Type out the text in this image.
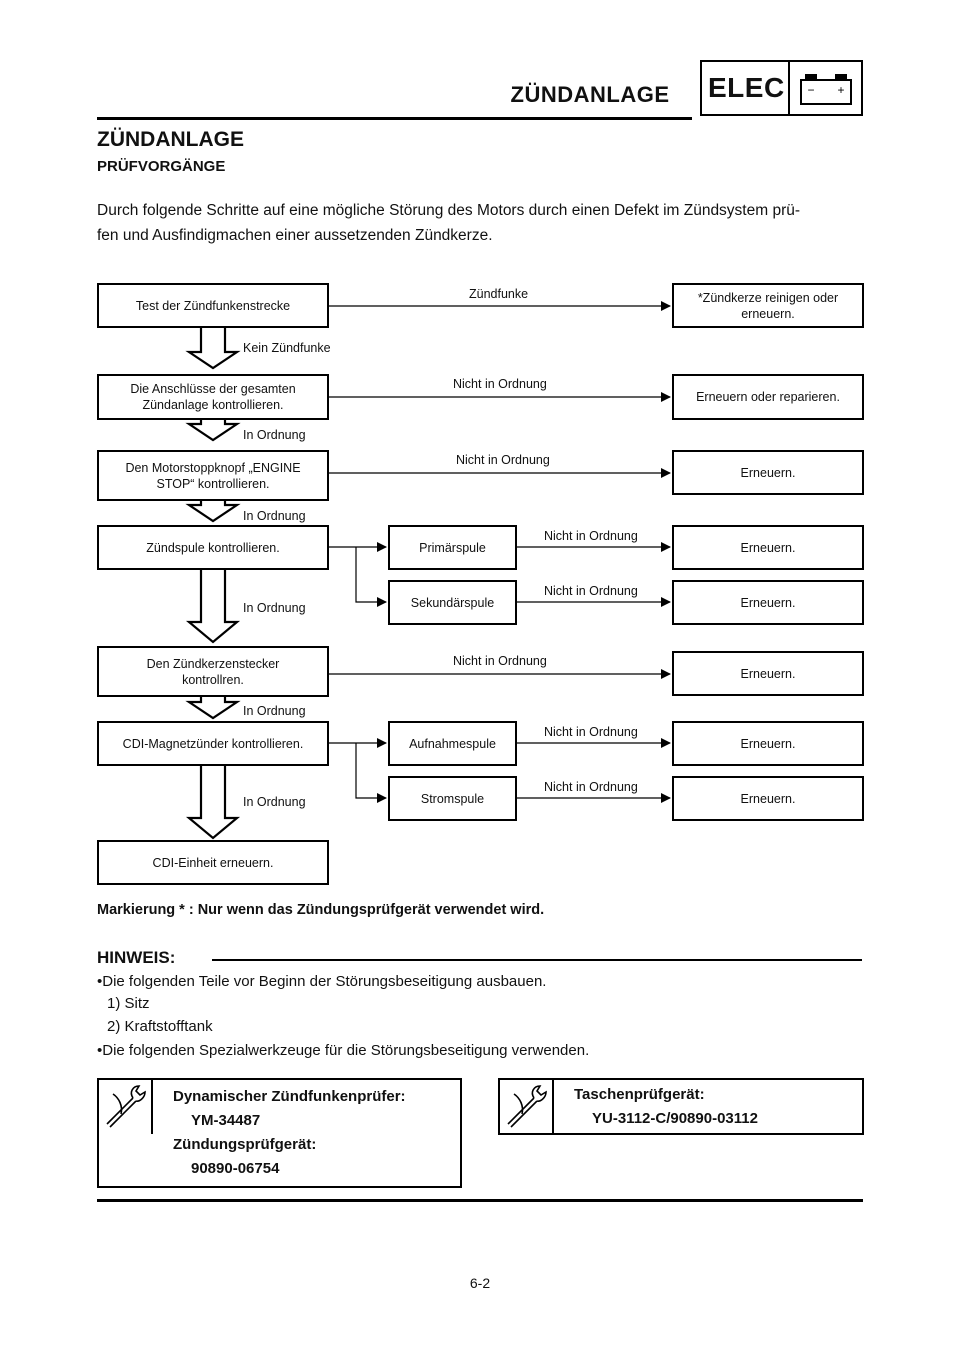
ZÜNDANLAGE	ELEC − +
ZÜNDANLAGE
PRÜFVORGÄNGE
Durch folgende Schritte auf eine mögliche Störung des Motors durch einen Defekt im Zündsystem prü-
fen und Ausfindigmachen einer aussetzenden Zündkerze.
Test der Zündfunkenstrecke
Die Anschlüsse der gesamten
Zündanlage kontrollieren.
Den Motorstoppknopf „ENGINE
STOP“ kontrollieren.
Zündspule kontrollieren.
Den Zündkerzenstecker
kontrollren.
CDI-Magnetzünder kontrollieren.
CDI-Einheit erneuern.
Primärspule
Sekundärspule
Aufnahmespule
Stromspule
*Zündkerze reinigen oder
erneuern.
Erneuern oder reparieren.
Erneuern.
Erneuern.
Erneuern.
Erneuern.
Erneuern.
Erneuern.
Zündfunke
Nicht in Ordnung
Nicht in Ordnung
Nicht in Ordnung
Nicht in Ordnung
Nicht in Ordnung
Nicht in Ordnung
Nicht in Ordnung
Kein Zündfunke
In Ordnung
In Ordnung
In Ordnung
In Ordnung
In Ordnung
Markierung * : Nur wenn das Zündungsprüfgerät verwendet wird.
HINWEIS:
•Die folgenden Teile vor Beginn der Störungsbeseitigung ausbauen.
1) Sitz
2) Kraftstofftank
•Die folgenden Spezialwerkzeuge für die Störungsbeseitigung verwenden.
Dynamischer Zündfunkenprüfer:
YM-34487
Zündungsprüfgerät:
90890-06754
Taschenprüfgerät:
YU-3112-C/90890-03112
6-2
